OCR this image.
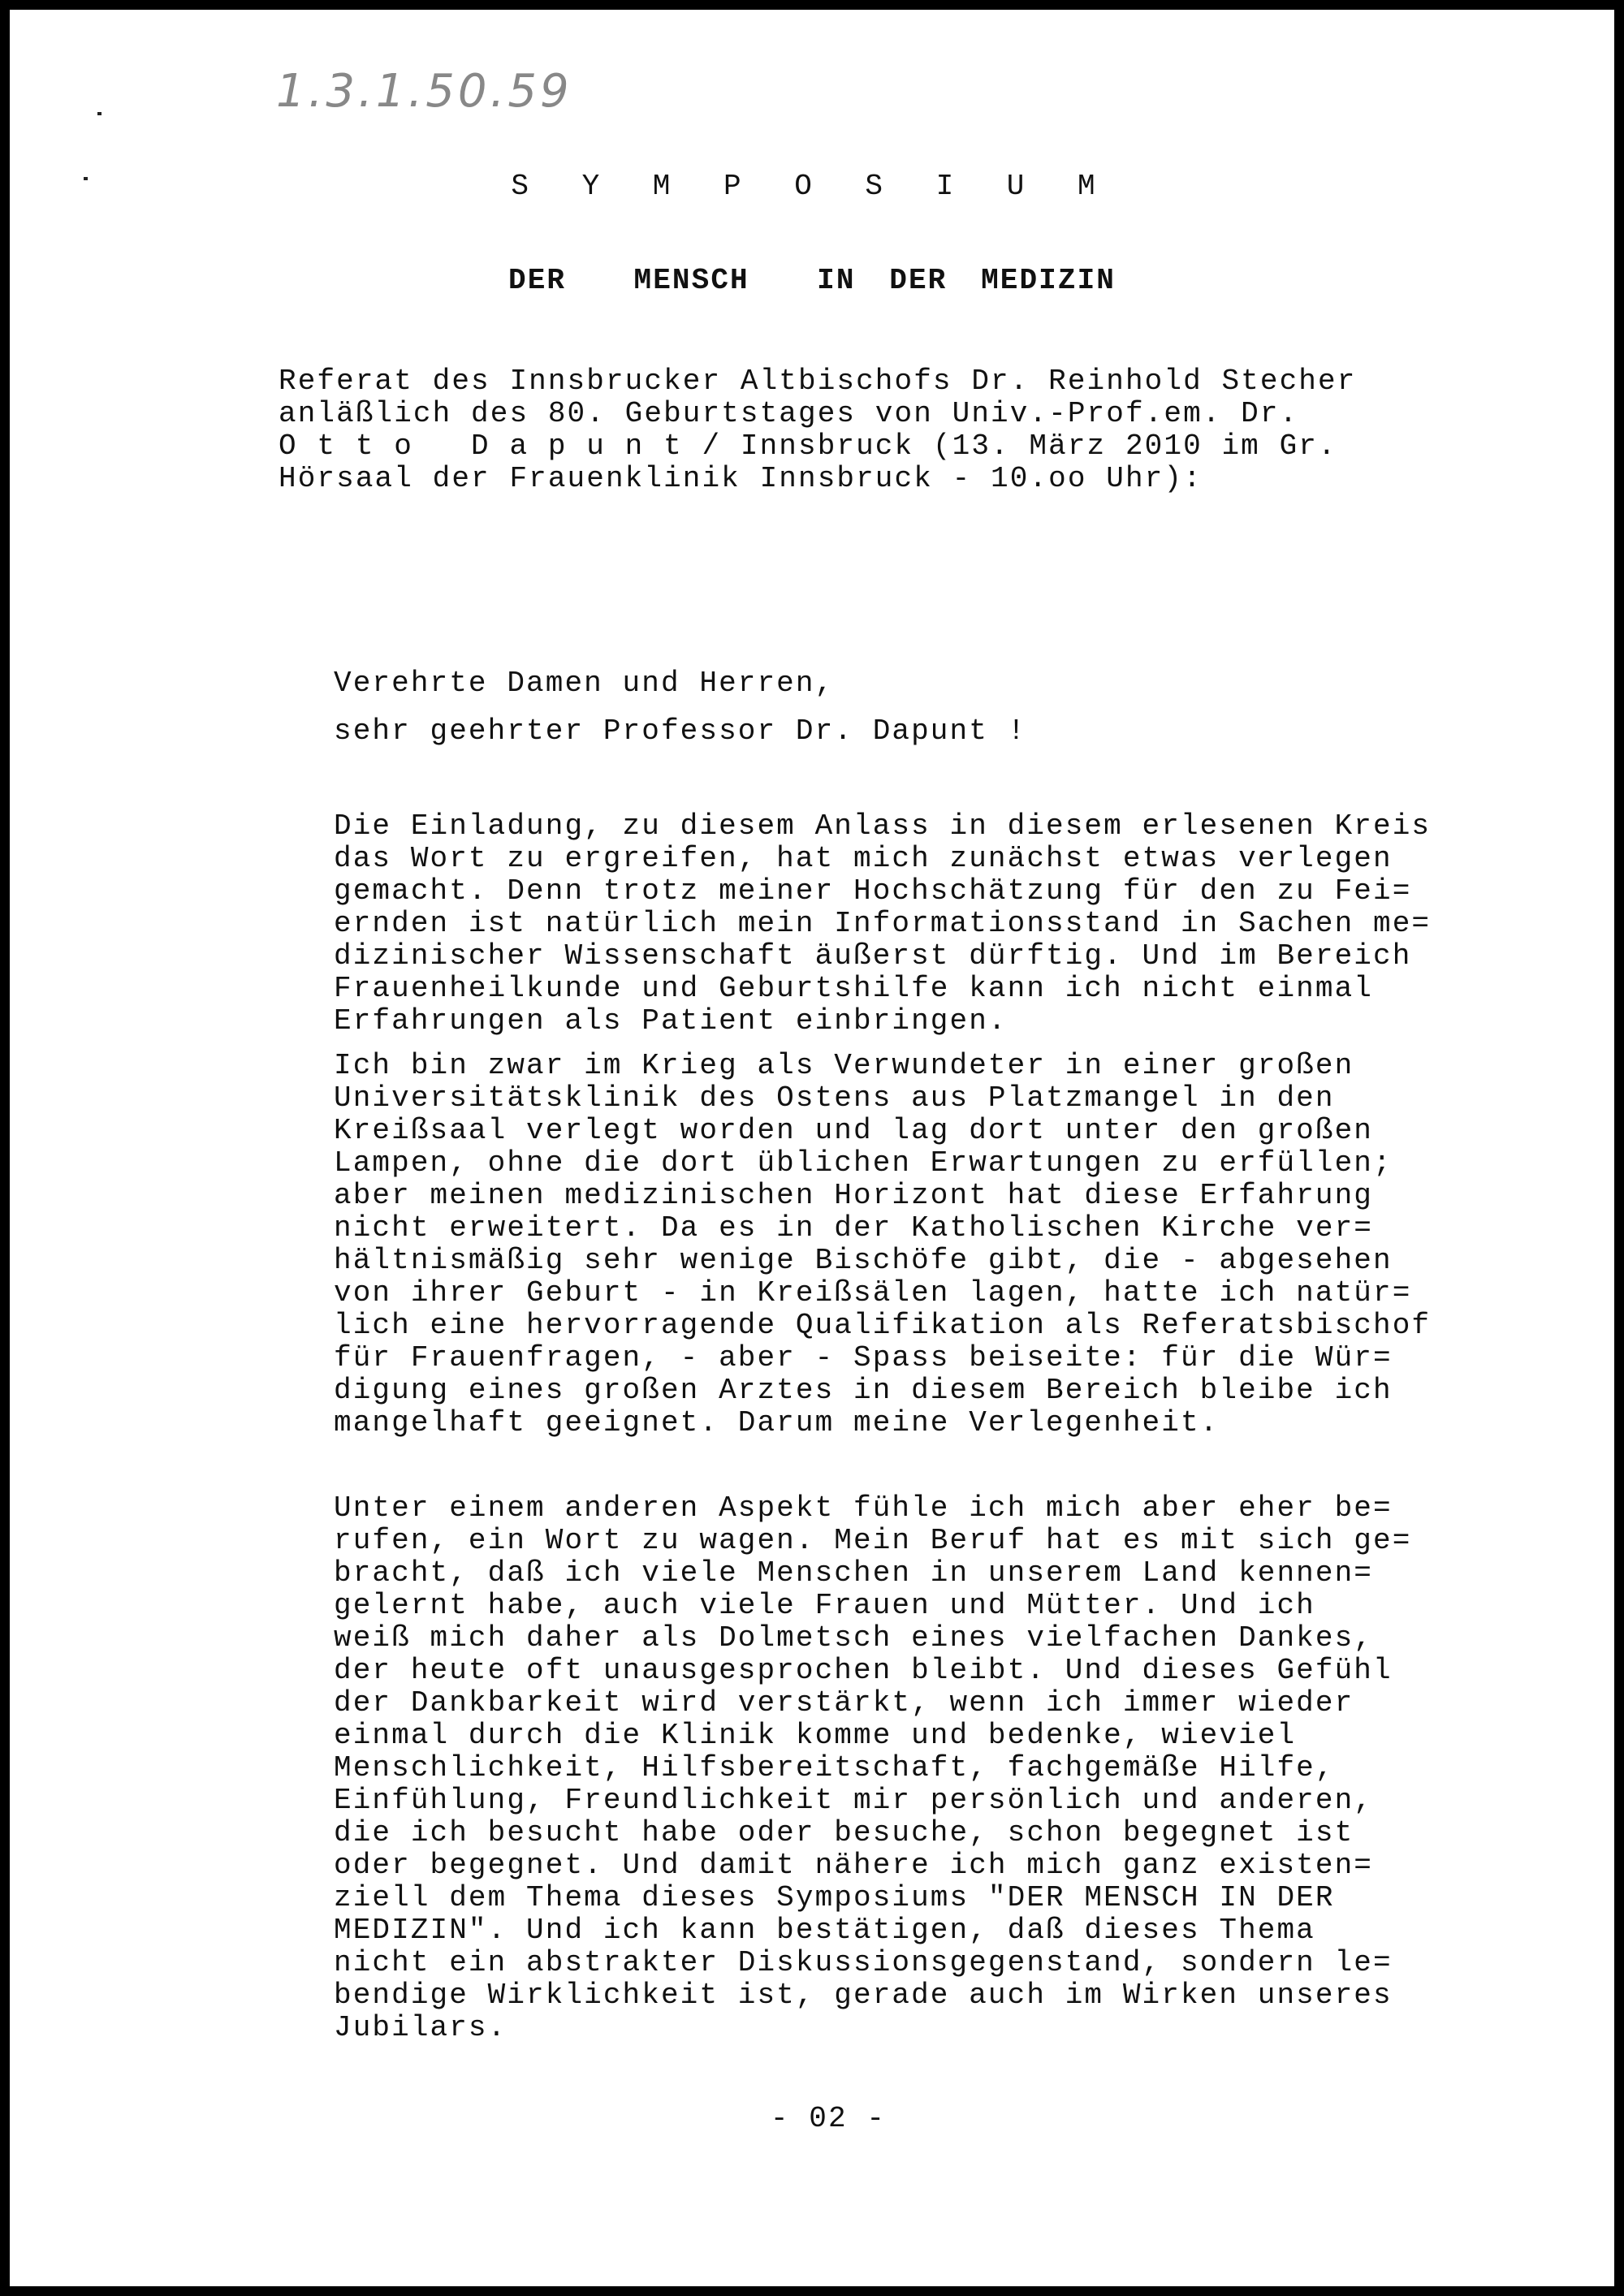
1.3.1.50.59
S Y M P O S I U M
DER  MENSCH  IN DER MEDIZIN
Referat des Innsbrucker Altbischofs Dr. Reinhold Stecher
anläßlich des 80. Geburtstages von Univ.-Prof.em. Dr.
O t t o   D a p u n t / Innsbruck (13. März 2010 im Gr.
Hörsaal der Frauenklinik Innsbruck - 10.oo Uhr):
Verehrte Damen und Herren,
sehr geehrter Professor Dr. Dapunt !
Die Einladung, zu diesem Anlass in diesem erlesenen Kreis
das Wort zu ergreifen, hat mich zunächst etwas verlegen
gemacht. Denn trotz meiner Hochschätzung für den zu Fei=
ernden ist natürlich mein Informationsstand in Sachen me=
dizinischer Wissenschaft äußerst dürftig. Und im Bereich
Frauenheilkunde und Geburtshilfe kann ich nicht einmal
Erfahrungen als Patient einbringen.
Ich bin zwar im Krieg als Verwundeter in einer großen
Universitätsklinik des Ostens aus Platzmangel in den
Kreißsaal verlegt worden und lag dort unter den großen
Lampen, ohne die dort üblichen Erwartungen zu erfüllen;
aber meinen medizinischen Horizont hat diese Erfahrung
nicht erweitert. Da es in der Katholischen Kirche ver=
hältnismäßig sehr wenige Bischöfe gibt, die - abgesehen
von ihrer Geburt - in Kreißsälen lagen, hatte ich natür=
lich eine hervorragende Qualifikation als Referatsbischof
für Frauenfragen, - aber - Spass beiseite: für die Wür=
digung eines großen Arztes in diesem Bereich bleibe ich
mangelhaft geeignet. Darum meine Verlegenheit.
Unter einem anderen Aspekt fühle ich mich aber eher be=
rufen, ein Wort zu wagen. Mein Beruf hat es mit sich ge=
bracht, daß ich viele Menschen in unserem Land kennen=
gelernt habe, auch viele Frauen und Mütter. Und ich
weiß mich daher als Dolmetsch eines vielfachen Dankes,
der heute oft unausgesprochen bleibt. Und dieses Gefühl
der Dankbarkeit wird verstärkt, wenn ich immer wieder
einmal durch die Klinik komme und bedenke, wieviel
Menschlichkeit, Hilfsbereitschaft, fachgemäße Hilfe,
Einfühlung, Freundlichkeit mir persönlich und anderen,
die ich besucht habe oder besuche, schon begegnet ist
oder begegnet. Und damit nähere ich mich ganz existen=
ziell dem Thema dieses Symposiums "DER MENSCH IN DER
MEDIZIN". Und ich kann bestätigen, daß dieses Thema
nicht ein abstrakter Diskussionsgegenstand, sondern le=
bendige Wirklichkeit ist, gerade auch im Wirken unseres
Jubilars.
- 02 -
